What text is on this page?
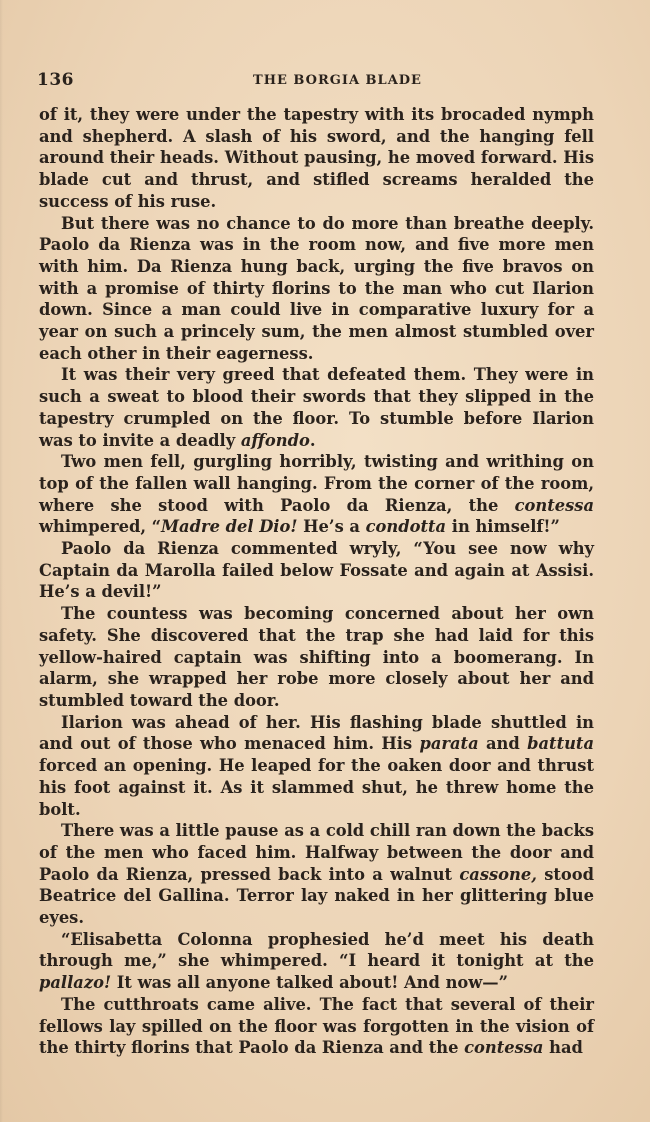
136	THE BORGIA BLADE

of it, they were under the tapestry with its brocaded nymph and shepherd. A slash of his sword, and the hanging fell around their heads. Without pausing, he moved forward. His blade cut and thrust, and stifled screams heralded the success of his ruse.

But there was no chance to do more than breathe deeply. Paolo da Rienza was in the room now, and five more men with him. Da Rienza hung back, urging the five bravos on with a promise of thirty florins to the man who cut Ilarion down. Since a man could live in comparative luxury for a year on such a princely sum, the men almost stumbled over each other in their eagerness.

It was their very greed that defeated them. They were in such a sweat to blood their swords that they slipped in the tapestry crumpled on the floor. To stumble before Ilarion was to invite a deadly affondo.

Two men fell, gurgling horribly, twisting and writhing on top of the fallen wall hanging. From the corner of the room, where she stood with Paolo da Rienza, the contessa whimpered, “Madre del Dio! He’s a condotta in himself!”

Paolo da Rienza commented wryly, “You see now why Captain da Marolla failed below Fossate and again at Assisi. He’s a devil!”

The countess was becoming concerned about her own safety. She discovered that the trap she had laid for this yellow-haired captain was shifting into a boomerang. In alarm, she wrapped her robe more closely about her and stumbled toward the door.

Ilarion was ahead of her. His flashing blade shuttled in and out of those who menaced him. His parata and battuta forced an opening. He leaped for the oaken door and thrust his foot against it. As it slammed shut, he threw home the bolt.

There was a little pause as a cold chill ran down the backs of the men who faced him. Halfway between the door and Paolo da Rienza, pressed back into a walnut cassone, stood Beatrice del Gallina. Terror lay naked in her glittering blue eyes.

“Elisabetta Colonna prophesied he’d meet his death through me,” she whimpered. “I heard it tonight at the pallazo! It was all anyone talked about! And now—”

The cutthroats came alive. The fact that several of their fellows lay spilled on the floor was forgotten in the vision of the thirty florins that Paolo da Rienza and the contessa had
